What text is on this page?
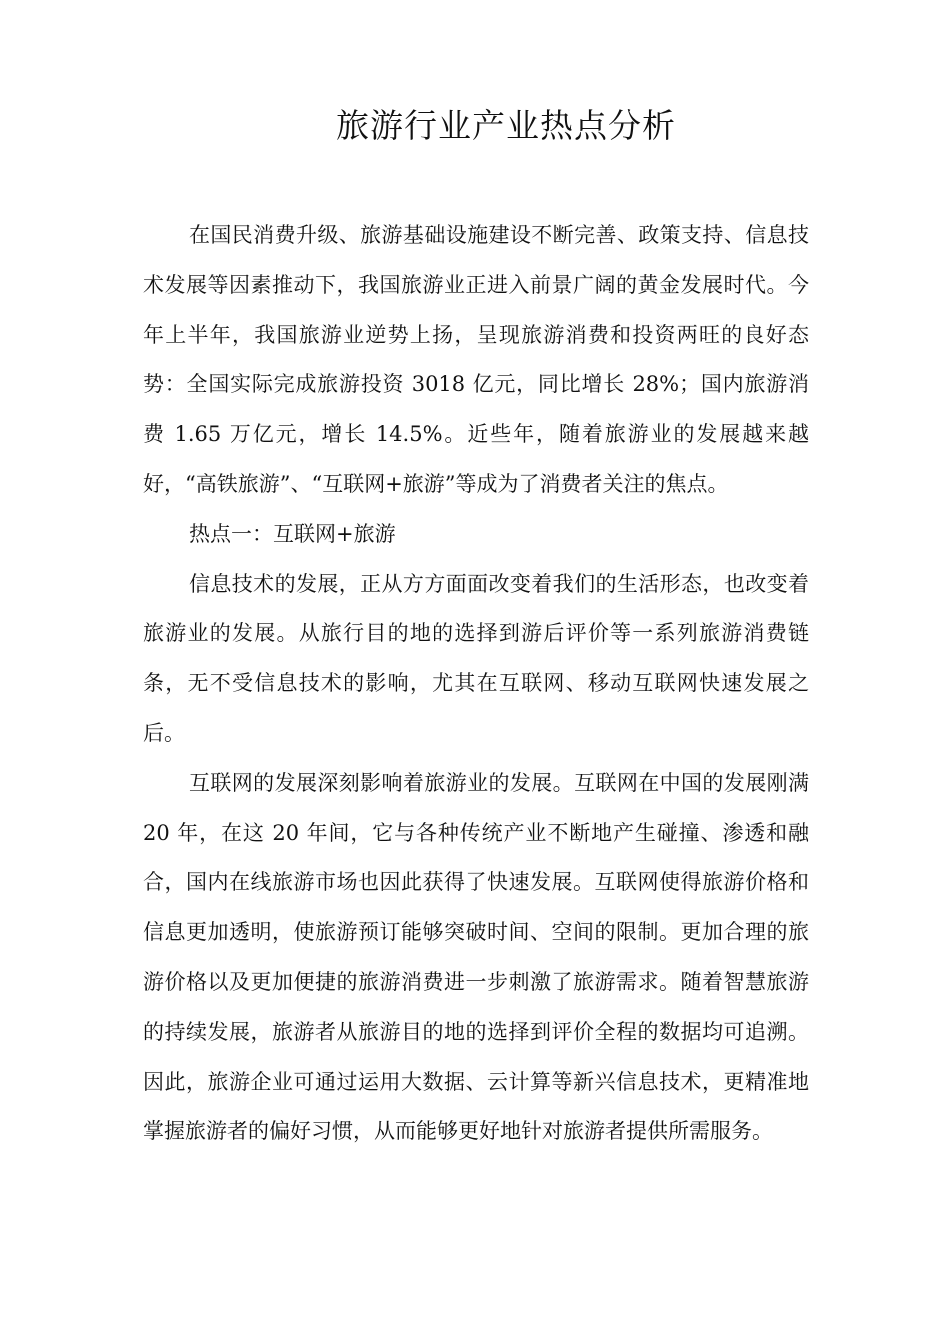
旅游行业产业热点分析

在国民消费升级、旅游基础设施建设不断完善、政策支持、信息技术发展等因素推动下，我国旅游业正进入前景广阔的黄金发展时代。今年上半年，我国旅游业逆势上扬，呈现旅游消费和投资两旺的良好态势：全国实际完成旅游投资 3018 亿元，同比增长 28%；国内旅游消费 1.65 万亿元，增长 14.5%。近些年，随着旅游业的发展越来越好，“高铁旅游”、“互联网+旅游”等成为了消费者关注的焦点。

热点一：互联网+旅游

信息技术的发展，正从方方面面改变着我们的生活形态，也改变着旅游业的发展。从旅行目的地的选择到游后评价等一系列旅游消费链条，无不受信息技术的影响，尤其在互联网、移动互联网快速发展之后。

互联网的发展深刻影响着旅游业的发展。互联网在中国的发展刚满 20 年，在这 20 年间，它与各种传统产业不断地产生碰撞、渗透和融合，国内在线旅游市场也因此获得了快速发展。互联网使得旅游价格和信息更加透明，使旅游预订能够突破时间、空间的限制。更加合理的旅游价格以及更加便捷的旅游消费进一步刺激了旅游需求。随着智慧旅游的持续发展，旅游者从旅游目的地的选择到评价全程的数据均可追溯。因此，旅游企业可通过运用大数据、云计算等新兴信息技术，更精准地掌握旅游者的偏好习惯，从而能够更好地针对旅游者提供所需服务。
